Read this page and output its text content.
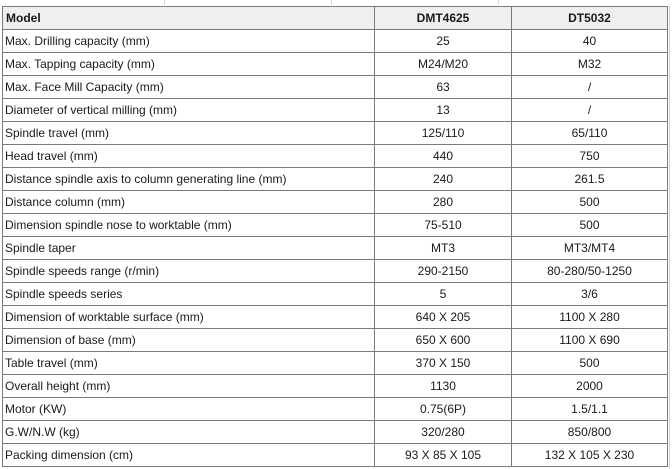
Model	DMT4625	DT5032
Max. Drilling capacity (mm)	25	40
Max. Tapping capacity (mm)	M24/M20	M32
Max. Face Mill Capacity (mm)	63	/
Diameter of vertical milling (mm)	13	/
Spindle travel (mm)	125/110	65/110
Head travel (mm)	440	750
Distance spindle axis to column generating line (mm)	240	261.5
Distance column (mm)	280	500
Dimension spindle nose to worktable (mm)	75-510	500
Spindle taper	MT3	MT3/MT4
Spindle speeds range (r/min)	290-2150	80-280/50-1250
Spindle speeds series	5	3/6
Dimension of worktable surface (mm)	640 X 205	1100 X 280
Dimension of base (mm)	650 X 600	1100 X 690
Table travel (mm)	370 X 150	500
Overall height (mm)	1130	2000
Motor (KW)	0.75(6P)	1.5/1.1
G.W/N.W (kg)	320/280	850/800
Packing dimension (cm)	93 X 85 X 105	132 X 105 X 230
